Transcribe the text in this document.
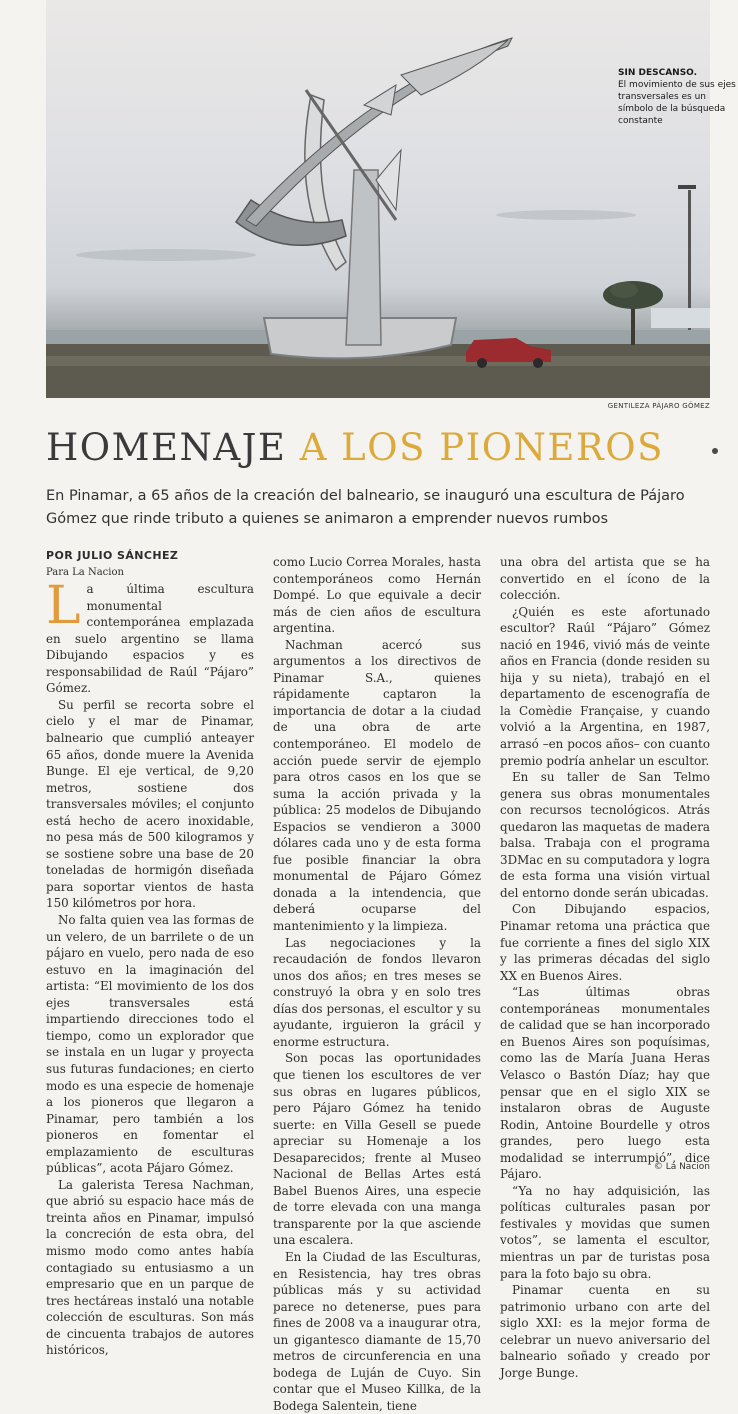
SIN DESCANSO.
El movimiento de sus ejes transversales es un símbolo de la búsqueda constante
GENTILEZA PÁJARO GÓMEZ
HOMENAJE A LOS PIONEROS
En Pinamar, a 65 años de la creación del balneario, se inauguró una escultura de Pájaro Gómez que rinde tributo a quienes se animaron a emprender nuevos rumbos

POR JULIO SÁNCHEZ

Para La Nacion

La última escultura monumental contemporánea emplazada en suelo argentino se llama Dibujando espacios y es responsabilidad de Raúl “Pájaro” Gómez.

Su perfil se recorta sobre el cielo y el mar de Pinamar, balneario que cumplió anteayer 65 años, donde muere la Avenida Bunge. El eje vertical, de 9,20 metros, sostiene dos transversales móviles; el conjunto está hecho de acero inoxidable, no pesa más de 500 kilogramos y se sostiene sobre una base de 20 toneladas de hormigón diseñada para soportar vientos de hasta 150 kilómetros por hora.

No falta quien vea las formas de un velero, de un barrilete o de un pájaro en vuelo, pero nada de eso estuvo en la imaginación del artista: “El movimiento de los dos ejes transversales está impartiendo direcciones todo el tiempo, como un explorador que se instala en un lugar y proyecta sus futuras fundaciones; en cierto modo es una especie de homenaje a los pioneros que llegaron a Pinamar, pero también a los pioneros en fomentar el emplazamiento de esculturas públicas”, acota Pájaro Gómez.

La galerista Teresa Nachman, que abrió su espacio hace más de treinta años en Pinamar, impulsó la concreción de esta obra, del mismo modo como antes había contagiado su entusiasmo a un empresario que en un parque de tres hectáreas instaló una notable colección de esculturas. Son más de cincuenta trabajos de autores históricos,

como Lucio Correa Morales, hasta contemporáneos como Hernán Dompé. Lo que equivale a decir más de cien años de escultura argentina.

Nachman acercó sus argumentos a los directivos de Pinamar S.A., quienes rápidamente captaron la importancia de dotar a la ciudad de una obra de arte contemporáneo. El modelo de acción puede servir de ejemplo para otros casos en los que se suma la acción privada y la pública: 25 modelos de Dibujando Espacios se vendieron a 3000 dólares cada uno y de esta forma fue posible financiar la obra monumental de Pájaro Gómez donada a la intendencia, que deberá ocuparse del mantenimiento y la limpieza.

Las negociaciones y la recaudación de fondos llevaron unos dos años; en tres meses se construyó la obra y en solo tres días dos personas, el escultor y su ayudante, irguieron la grácil y enorme estructura.

Son pocas las oportunidades que tienen los escultores de ver sus obras en lugares públicos, pero Pájaro Gómez ha tenido suerte: en Villa Gesell se puede apreciar su Homenaje a los Desaparecidos; frente al Museo Nacional de Bellas Artes está Babel Buenos Aires, una especie de torre elevada con una manga transparente por la que asciende una escalera.

En la Ciudad de las Esculturas, en Resistencia, hay tres obras públicas más y su actividad parece no detenerse, pues para fines de 2008 va a inaugurar otra, un gigantesco diamante de 15,70 metros de circunferencia en una bodega de Luján de Cuyo. Sin contar que el Museo Killka, de la Bodega Salentein, tiene

una obra del artista que se ha convertido en el ícono de la colección.

¿Quién es este afortunado escultor? Raúl “Pájaro” Gómez nació en 1946, vivió más de veinte años en Francia (donde residen su hija y su nieta), trabajó en el departamento de escenografía de la Comèdie Française, y cuando volvió a la Argentina, en 1987, arrasó –en pocos años– con cuanto premio podría anhelar un escultor.

En su taller de San Telmo genera sus obras monumentales con recursos tecnológicos. Atrás quedaron las maquetas de madera balsa. Trabaja con el programa 3DMac en su computadora y logra de esta forma una visión virtual del entorno donde serán ubicadas.

Con Dibujando espacios, Pinamar retoma una práctica que fue corriente a fines del siglo XIX y las primeras décadas del siglo XX en Buenos Aires.

“Las últimas obras contemporáneas monumentales de calidad que se han incorporado en Buenos Aires son poquísimas, como las de María Juana Heras Velasco o Bastón Díaz; hay que pensar que en el siglo XIX se instalaron obras de Auguste Rodin, Antoine Bourdelle y otros grandes, pero luego esta modalidad se interrumpió”, dice Pájaro.

“Ya no hay adquisición, las políticas culturales pasan por festivales y movidas que sumen votos”, se lamenta el escultor, mientras un par de turistas posa para la foto bajo su obra.

Pinamar cuenta en su patrimonio urbano con arte del siglo XXI: es la mejor forma de celebrar un nuevo aniversario del balneario soñado y creado por Jorge Bunge.

© La Nacion
